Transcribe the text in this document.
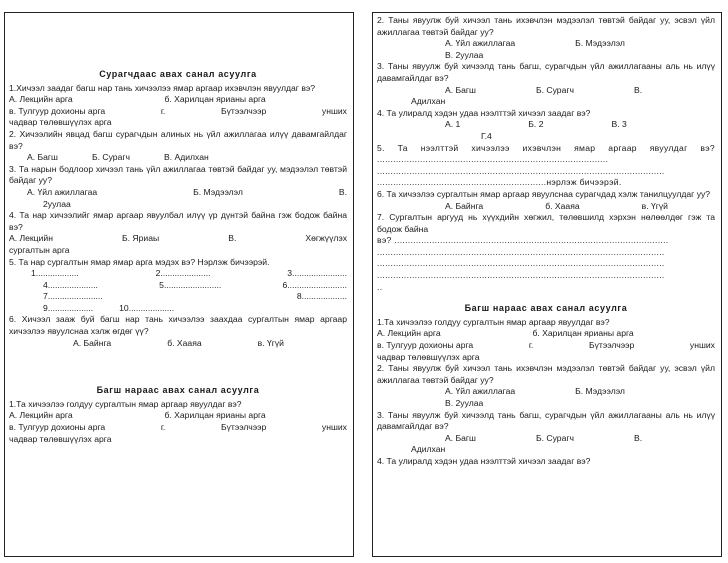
Сурагчдаас авах санал асуулга
1.Хичээл заадаг багш нар тань хичээлээ ямар аргаар ихэвчлэн явуулдаг вэ?
А. Лекцийн арга	б. Харилцан ярианы арга
в. Тулгуур дохионы арга	г.	Бүтээлчээр	унших
чадвар төлөвшүүлэх арга
2. Хичээлийн явцад багш сурагчдын алиных нь үйл ажиллагаа илүү давамгайлдаг вэ?
А. Багш	Б. Сурагч	В. Адилхан
3. Та нарын бодлоор хичээл тань үйл ажиллагаа төвтэй байдаг уу, мэдээлэл төвтэй байдаг уу?
А. Үйл ажиллагаа	Б. Мэдээлэл	В.
2уулаа
4. Та нар хичээлийг ямар аргаар явуулбал илүү үр дүнтэй байна гэж бодож байна вэ?
А. Лекцийн	Б. Яриаы	В.	Хөгжүүлэх
сургалтын арга
5. Та нар сургалтын ямар ямар арга мэдэх вэ? Нэрлэж бичээрэй.
1..................	2.....................	3.......................
4.....................	5........................	6.........................
7.......................	8...................
9...................	10...................
6. Хичээл зааж буй багш нар тань хичээлээ заахдаа сургалтын ямар аргаар хичээлээ явуулснаа хэлж өгдөг үү?
А. Байнга	б. Хааяа	в. Үгүй
Багш нараас авах санал асуулга
1.Та хичээлээ голдуу сургалтын ямар аргаар явуулдаг вэ?
А. Лекцийн арга	б. Харилцан ярианы арга
в. Тулгуур дохионы арга	г.	Бүтээлчээр	унших
чадвар төлөвшүүлэх арга
2. Таны явуулж буй хичээл тань ихэвчлэн мэдээлэл төвтэй байдаг уу, эсвэл үйл ажиллагаа төвтэй байдаг уу?
А. Үйл ажиллагаа	Б. Мэдээлэл
В. 2уулаа
3. Таны явуулж буй хичээлд тань багш, сурагчдын үйл ажиллагааны аль нь илүү давамгайлдаг вэ?
А. Багш	Б. Сурагч	В.
Адилхан
4. Та улиралд хэдэн удаа нээлттэй хичээл заадаг вэ?
А. 1	Б. 2	В. 3
Г.4
5. Та нээлттэй хичээлээ ихэвчлэн ямар аргаар явуулдаг вэ? ......................................................................................
...........................................................................................................
...............................................................нэрлэж бичээрэй.
6. Та хичээлээ сургалтын ямар аргаар явуулснаа сурагчдад хэлж танилцуулдаг уу?
А. Байнга	б. Хааяа	в. Үгүй
7. Сургалтын аргууд нь хүүхдийн хөгжил, төлөвшилд хэрхэн нөлөөлдөг гэж та бодож байна
вэ? ......................................................................................................
...........................................................................................................
...........................................................................................................
...........................................................................................................
..
Багш нараас авах санал асуулга
1.Та хичээлээ голдуу сургалтын ямар аргаар явуулдаг вэ?
А. Лекцийн арга	б. Харилцан ярианы арга
в. Тулгуур дохионы арга	г.	Бүтээлчээр	унших
чадвар төлөвшүүлэх арга
2. Таны явуулж буй хичээл тань ихэвчлэн мэдээлэл төвтэй байдаг уу, эсвэл үйл ажиллагаа төвтэй байдаг уу?
А. Үйл ажиллагаа	Б. Мэдээлэл
В. 2уулаа
3. Таны явуулж буй хичээлд тань багш, сурагчдын үйл ажиллагааны аль нь илүү давамгайлдаг вэ?
А. Багш	Б. Сурагч	В.
Адилхан
4. Та улиралд хэдэн удаа нээлттэй хичээл заадаг вэ?
